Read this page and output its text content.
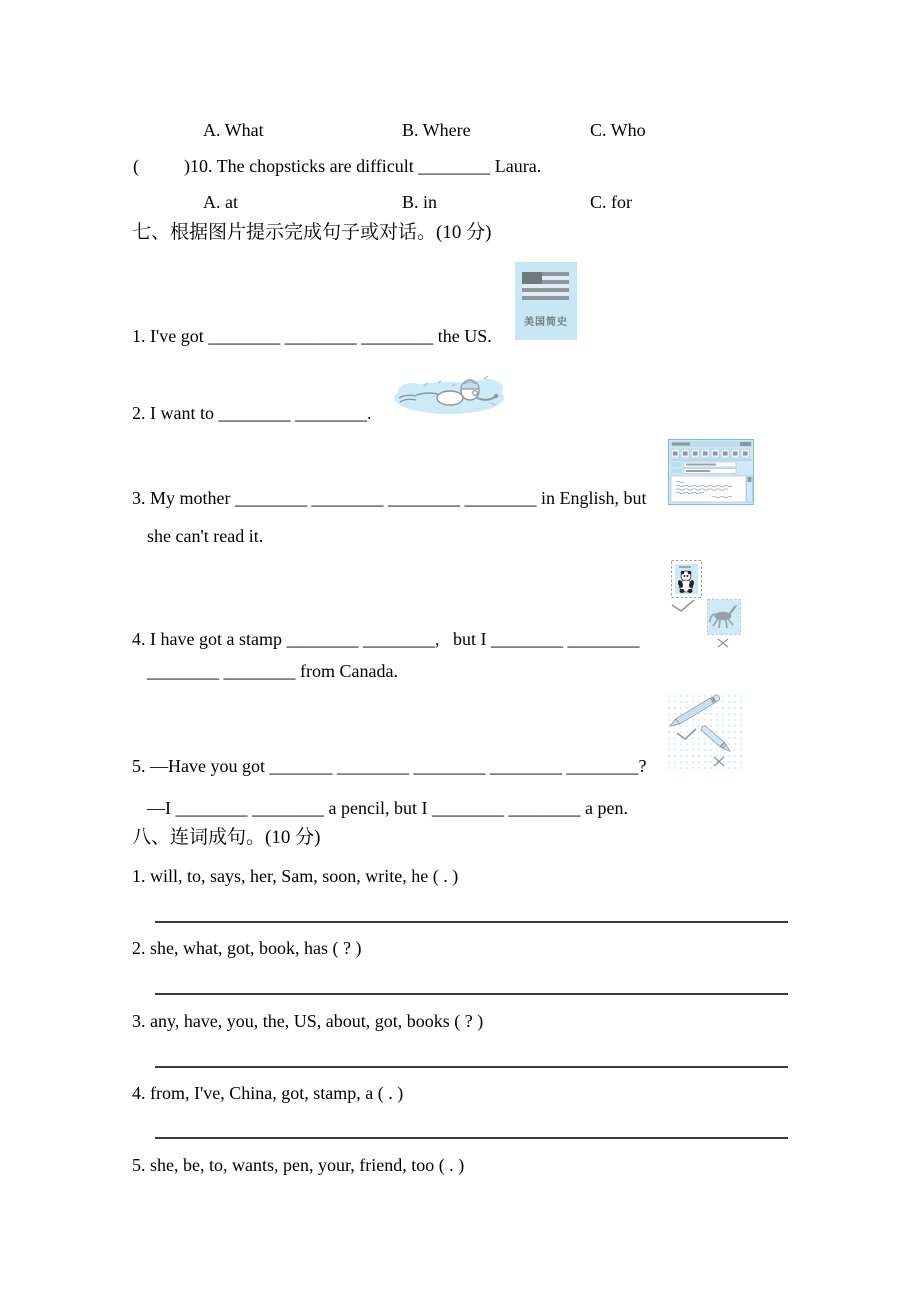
A. What	B. Where	C. Who
(          )10. The chopsticks are difficult ________ Laura.
A. at	B. in	C. for
七、根据图片提示完成句子或对话。(10 分)
美国简史
1. I've got ________ ________ ________ the US.
2. I want to ________ ________.
3. My mother ________ ________ ________ ________ in English, but
she can't read it.
4. I have got a stamp ________ ________,   but I ________ ________
________ ________ from Canada.
5. —Have you got _______ ________ ________ ________ ________?
—I ________ ________ a pencil, but I ________ ________ a pen.
八、连词成句。(10 分)
1. will, to, says, her, Sam, soon, write, he ( . )
2. she, what, got, book, has ( ? )
3. any, have, you, the, US, about, got, books ( ? )
4. from, I've, China, got, stamp, a ( . )
5. she, be, to, wants, pen, your, friend, too ( . )
